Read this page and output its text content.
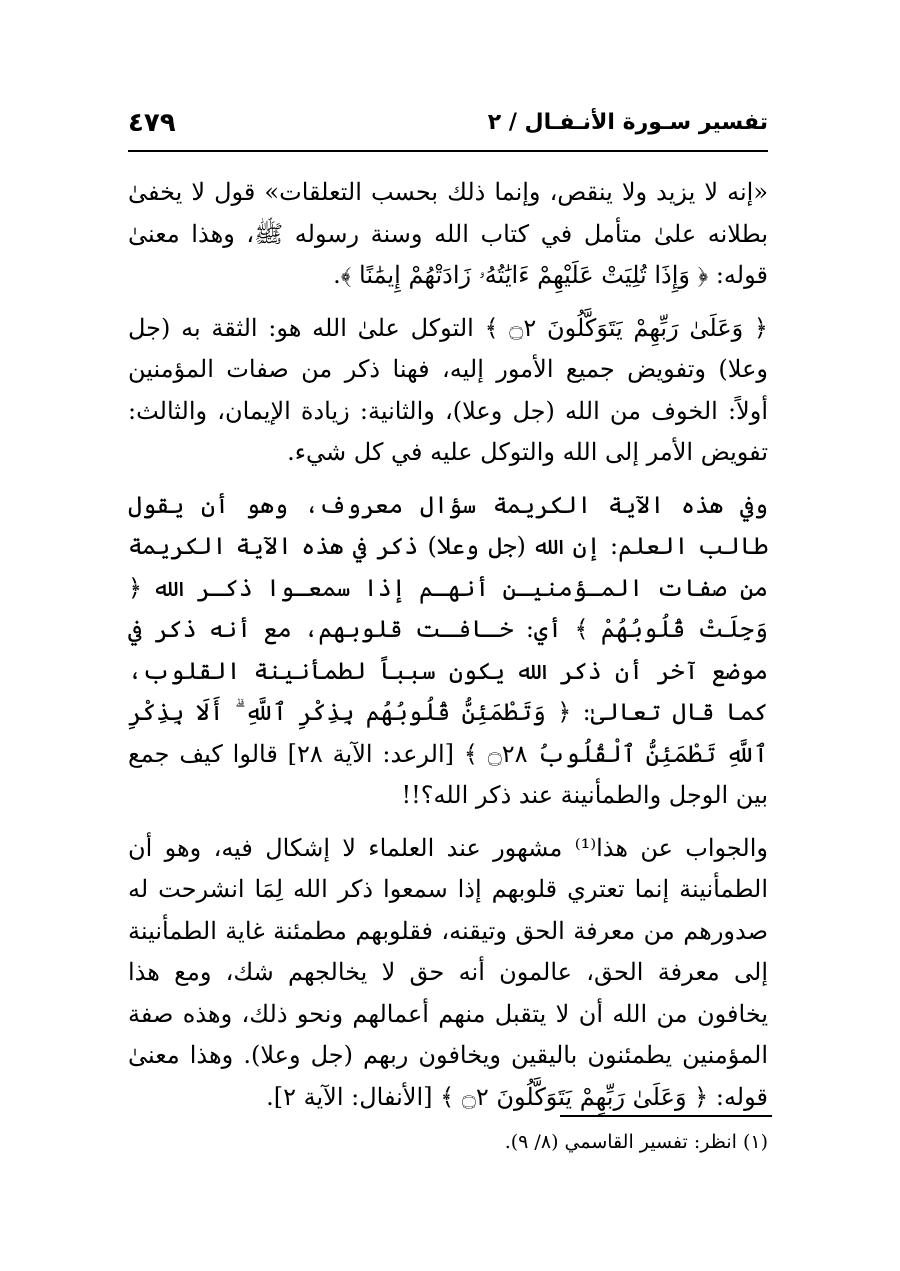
تفسير سـورة الأنـفـال / ٢
٤٧٩

«إنه لا يزيد ولا ينقص، وإنما ذلك بحسب التعلقات» قول لا يخفىٰ بطلانه علىٰ متأمل في كتاب الله وسنة رسوله ﷺ، وهذا معنىٰ قوله: ﴿ وَإِذَا تُلِيَتْ عَلَيْهِمْ ءَايَٰتُهُۥ زَادَتْهُمْ إِيمَٰنًا ﴾.

﴿ وَعَلَىٰ رَبِّهِمْ يَتَوَكَّلُونَ ۝٢ ﴾ التوكل علىٰ الله هو: الثقة به (جل وعلا) وتفويض جميع الأمور إليه، فهنا ذكر من صفات المؤمنين أولاً: الخوف من الله (جل وعلا)، والثانية: زيادة الإيمان، والثالث: تفويض الأمر إلى الله والتوكل عليه في كل شيء.

وفي هذه الآية الكريمة سؤال معروف، وهو أن يقول طالب العلم: إن الله (جل وعلا) ذكر في هذه الآية الكريمة من صفات المـؤمنيـن أنهـم إذا سمعـوا ذكـر الله ﴿ وَجِلَتْ قُلُوبُهُمْ ﴾ أي: خـافـت قلوبهم، مع أنه ذكر في موضع آخر أن ذكر الله يكون سبباً لطمأنينة القلوب، كما قال تعالىٰ: ﴿ وَتَطْمَئِنُّ قُلُوبُهُم بِذِكْرِ ٱللَّهِ ۗ أَلَا بِذِكْرِ ٱللَّهِ تَطْمَئِنُّ ٱلْقُلُوبُ ۝٢٨ ﴾ [الرعد: الآية ٢٨] قالوا كيف جمع بين الوجل والطمأنينة عند ذكر الله؟!!

والجواب عن هذا⁽¹⁾ مشهور عند العلماء لا إشكال فيه، وهو أن الطمأنينة إنما تعتري قلوبهم إذا سمعوا ذكر الله لِمَا انشرحت له صدورهم من معرفة الحق وتيقنه، فقلوبهم مطمئنة غاية الطمأنينة إلى معرفة الحق، عالمون أنه حق لا يخالجهم شك، ومع هذا يخافون من الله أن لا يتقبل منهم أعمالهم ونحو ذلك، وهذه صفة المؤمنين يطمئنون باليقين ويخافون ربهم (جل وعلا). وهذا معنىٰ قوله: ﴿ وَعَلَىٰ رَبِّهِمْ يَتَوَكَّلُونَ ۝٢ ﴾ [الأنفال: الآية ٢].

(١) انظر: تفسير القاسمي (٨/ ٩).
